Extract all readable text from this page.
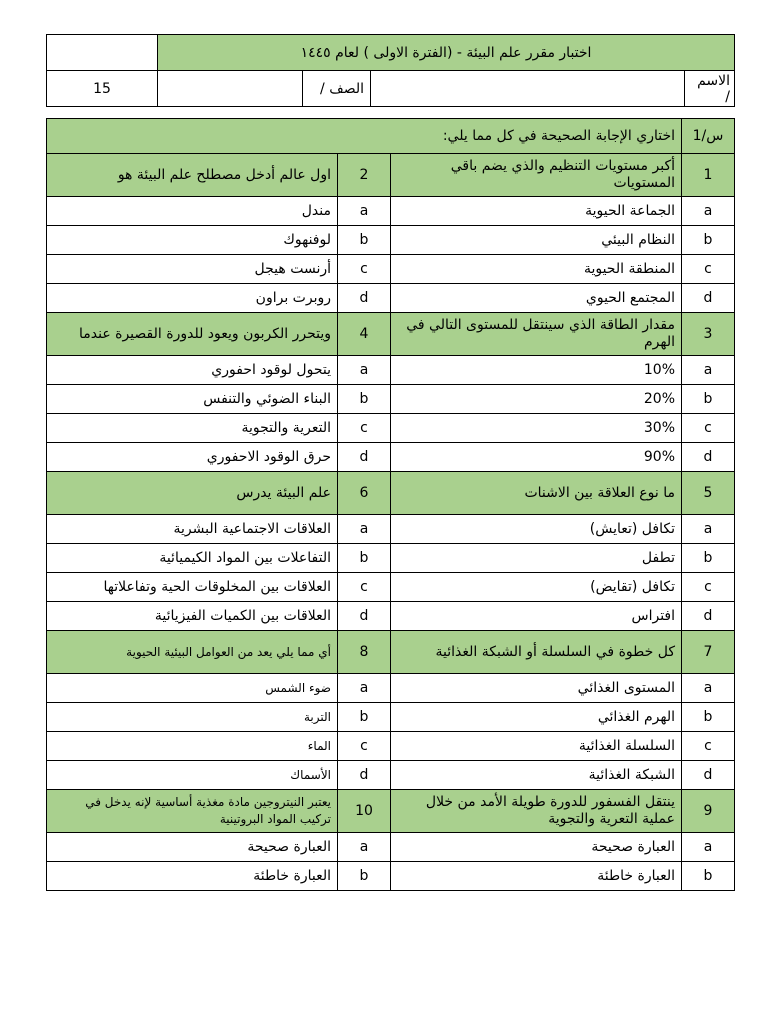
	اختبار مقرر علم البيئة - (الفترة الاولى ) لعام ١٤٤٥			
15		الصف /		الاسم /
اختاري الإجابة الصحيحة في كل مما يلي:			س/1
اول عالم أدخل مصطلح علم البيئة هو	2	أكبر مستويات التنظيم والذي يضم باقي المستويات	1
مندل	a	الجماعة الحيوية	a
لوفنهوك	b	النظام البيئي	b
أرنست هيجل	c	المنطقة الحيوية	c
روبرت براون	d	المجتمع الحيوي	d
ويتحرر الكربون ويعود للدورة القصيرة عندما	4	مقدار الطاقة الذي سينتقل للمستوى التالي في الهرم	3
يتحول لوقود احفوري	a	10%	a
البناء الضوئي والتنفس	b	20%	b
التعرية والتجوية	c	30%	c
حرق الوقود الاحفوري	d	90%	d
علم البيئة يدرس	6	ما نوع العلاقة بين الاشنات	5
العلاقات الاجتماعية البشرية	a	تكافل (تعايش)	a
التفاعلات بين المواد الكيميائية	b	تطفل	b
العلاقات بين المخلوقات الحية وتفاعلاتها	c	تكافل (تقايض)	c
العلاقات بين الكميات الفيزيائية	d	افتراس	d
أي مما يلي يعد من العوامل البيئية الحيوية	8	كل خطوة في السلسلة أو الشبكة الغذائية	7
ضوء الشمس	a	المستوى الغذائي	a
التربة	b	الهرم الغذائي	b
الماء	c	السلسلة الغذائية	c
الأسماك	d	الشبكة الغذائية	d
يعتبر النيتروجين مادة مغذية أساسية لإنه يدخل في تركيب المواد البروتينية	10	ينتقل الفسفور للدورة طويلة الأمد من خلال عملية التعرية والتجوية	9
العبارة صحيحة	a	العبارة صحيحة	a
العبارة خاطئة	b	العبارة خاطئة	b
